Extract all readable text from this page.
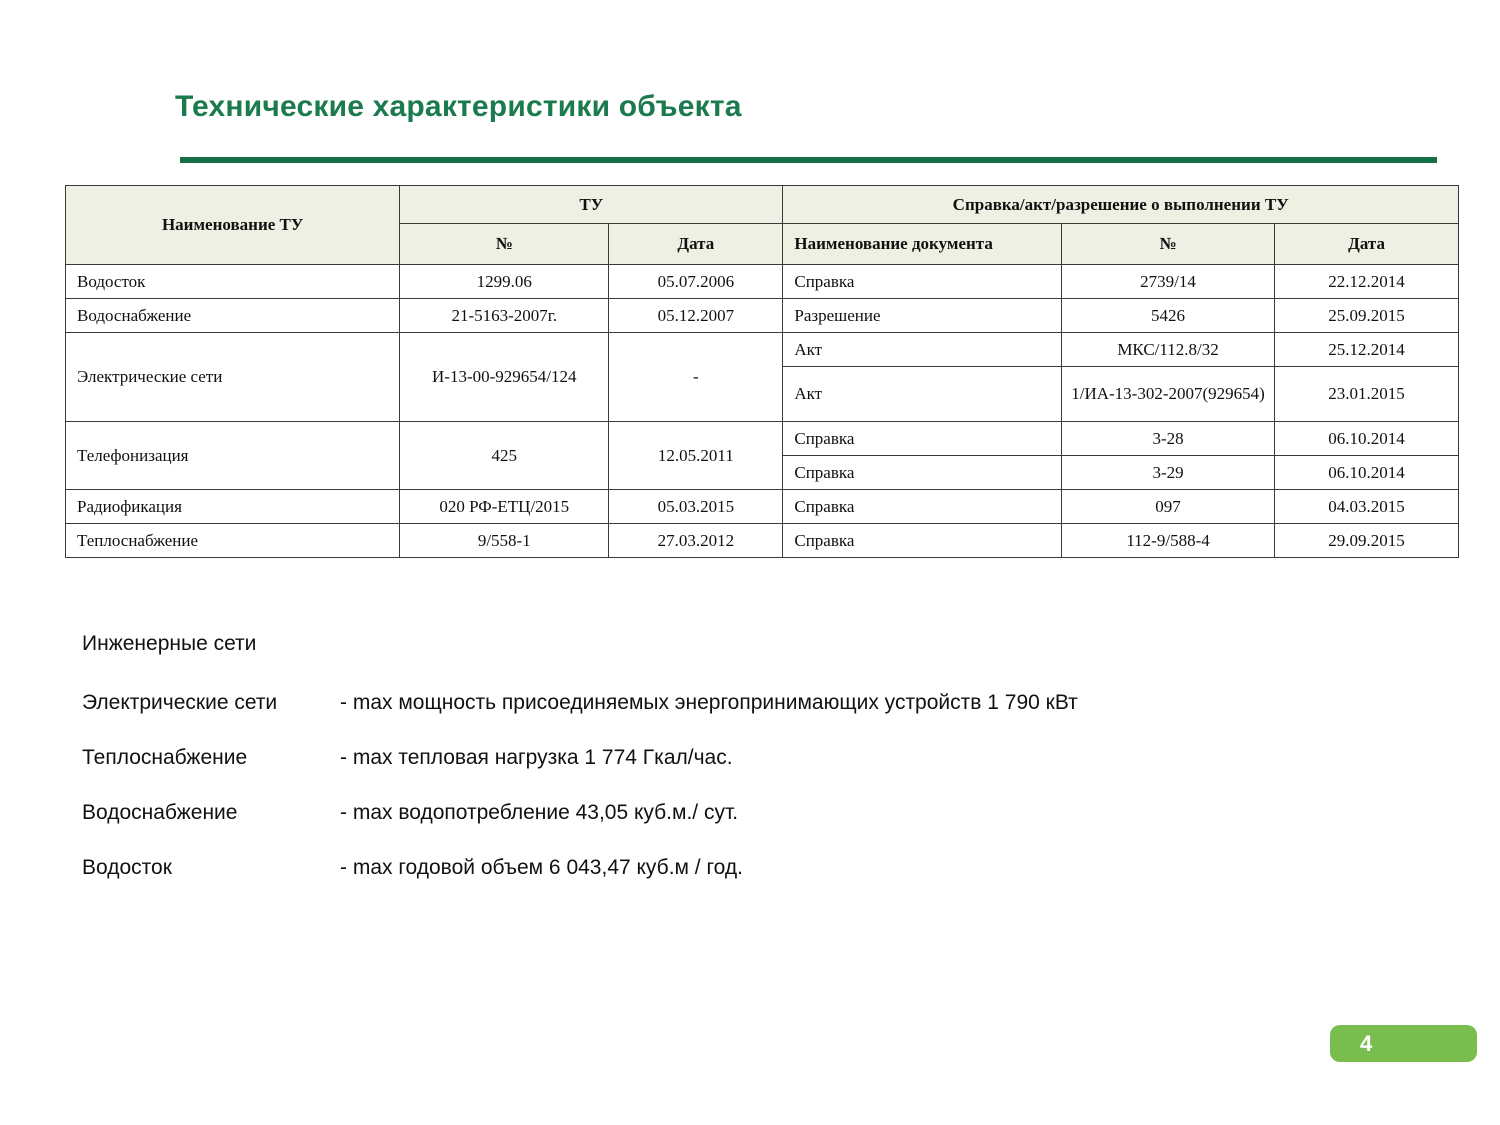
Технические характеристики объекта
Наименование ТУ	ТУ		Справка/акт/разрешение о выполнении ТУ		
	№	Дата	Наименование документа	№	Дата
Водосток	1299.06	05.07.2006	Справка	2739/14	22.12.2014
Водоснабжение	21-5163-2007г.	05.12.2007	Разрешение	5426	25.09.2015
Электрические сети	И-13-00-929654/124	-	Акт	МКС/112.8/32	25.12.2014
			Акт	1/ИА-13-302-2007(929654)	23.01.2015
Телефонизация	425	12.05.2011	Справка	3-28	06.10.2014
			Справка	3-29	06.10.2014
Радиофикация	020 РФ-ЕТЦ/2015	05.03.2015	Справка	097	04.03.2015
Теплоснабжение	9/558-1	27.03.2012	Справка	112-9/588-4	29.09.2015
Инженерные сети
Электрические сети	- max мощность присоединяемых энергопринимающих устройств 1 790 кВт
Теплоснабжение	- max тепловая нагрузка 1 774 Гкал/час.
Водоснабжение	- max водопотребление 43,05 куб.м./ сут.
Водосток	- max годовой объем 6 043,47 куб.м / год.
4
